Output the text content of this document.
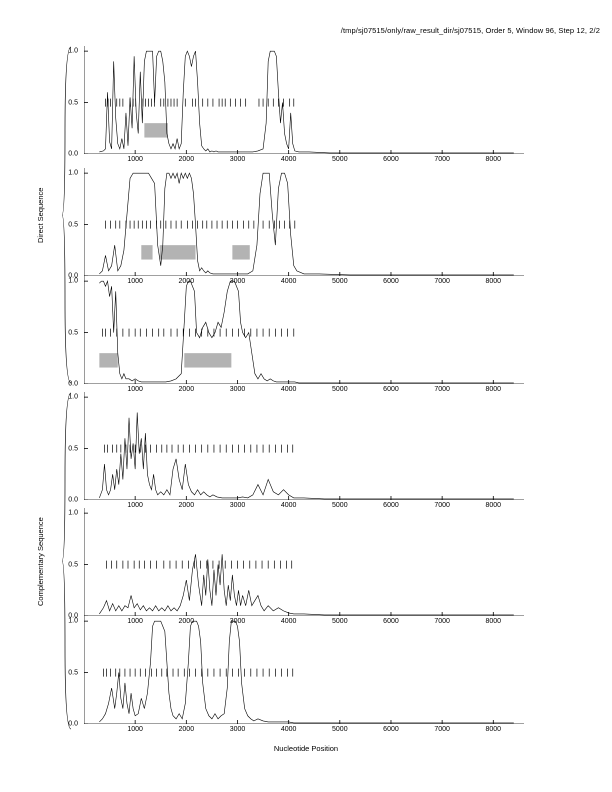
/tmp/sj07515/only/raw_result_dir/sj07515, Order 5, Window 96, Step 12, 2/2
0.0
0.5
1.0
1000	2000	3000	4000	5000	6000	7000	8000
0.0
0.5
1.0
1000	2000	3000	4000	5000	6000	7000	8000
0.0
0.5
1.0
1000	2000	3000	4000	5000	6000	7000	8000
0.0
0.5
1.0
1000	2000	3000	4000	5000	6000	7000	8000
0.0
0.5
1.0
1000	2000	3000	4000	5000	6000	7000	8000
0.0
0.5
1.0
1000	2000	3000	4000	5000	6000	7000	8000
Direct Sequence
Complementary Sequence
Nucleotide Position
